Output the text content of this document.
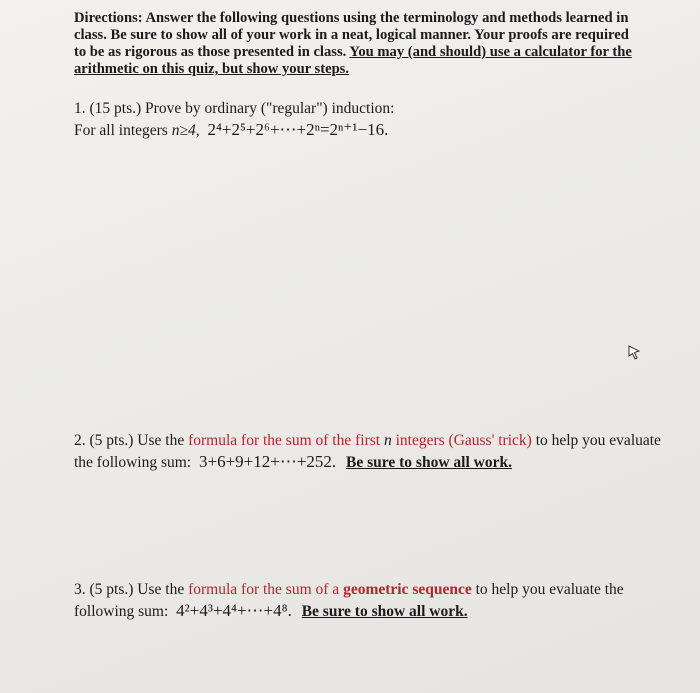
Directions: Answer the following questions using the terminology and methods learned in class. Be sure to show all of your work in a neat, logical manner. Your proofs are required to be as rigorous as those presented in class. You may (and should) use a calculator for the arithmetic on this quiz, but show your steps.
1. (15 pts.) Prove by ordinary ("regular") induction:
For all integers n≥4, 2⁴+2⁵+2⁶+⋯+2ⁿ=2ⁿ⁺¹−16.
2. (5 pts.) Use the formula for the sum of the first n integers (Gauss' trick) to help you evaluate the following sum: 3+6+9+12+⋯+252. Be sure to show all work.
3. (5 pts.) Use the formula for the sum of a geometric sequence to help you evaluate the following sum: 4²+4³+4⁴+⋯+4⁸. Be sure to show all work.
